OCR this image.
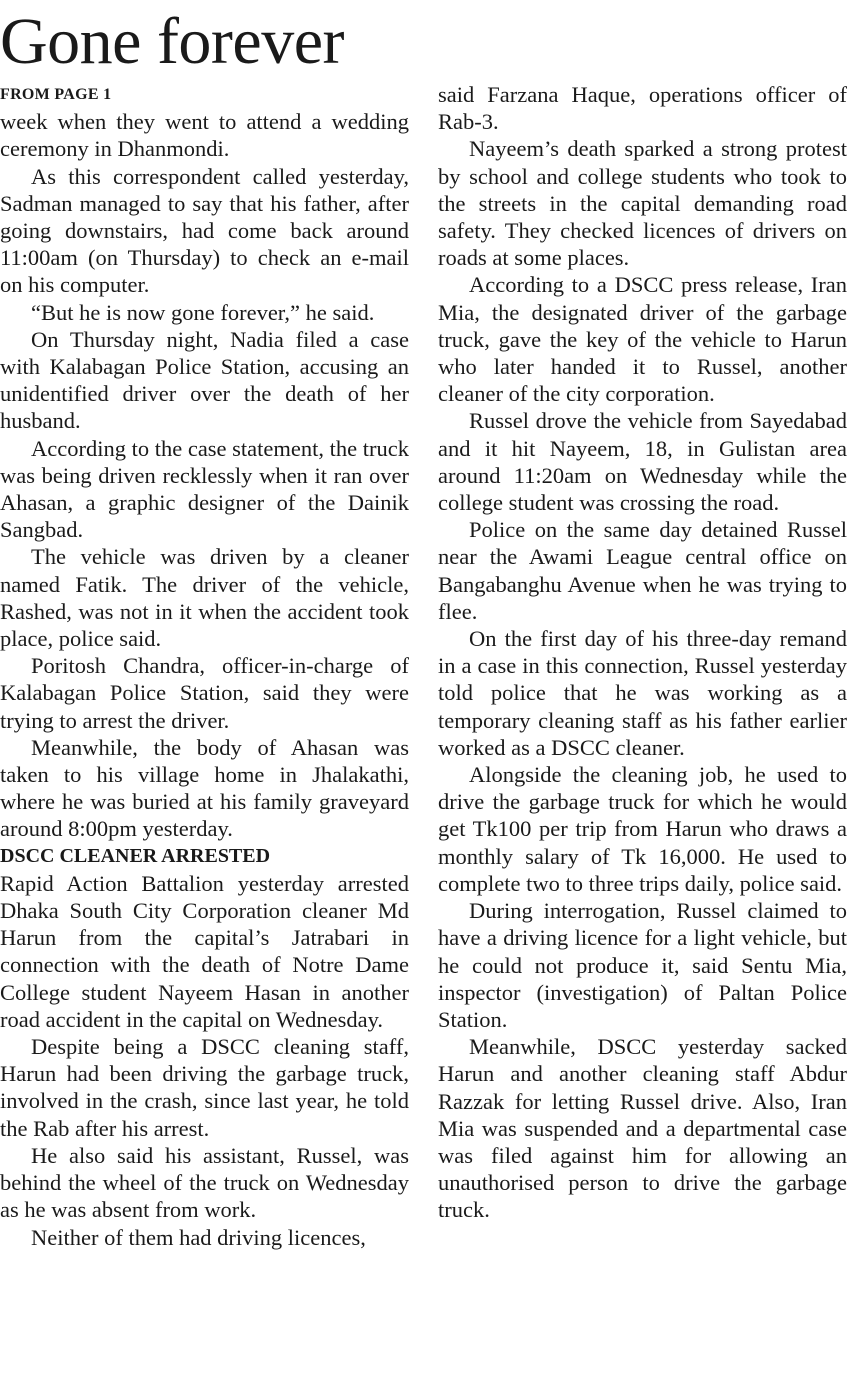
Gone forever
FROM PAGE 1

week when they went to attend a wedding ceremony in Dhanmondi.

As this correspondent called yesterday, Sadman managed to say that his father, after going downstairs, had come back around 11:00am (on Thursday) to check an e-mail on his computer.

“But he is now gone forever,” he said.

On Thursday night, Nadia filed a case with Kalabagan Police Station, accusing an unidentified driver over the death of her husband.

According to the case statement, the truck was being driven recklessly when it ran over Ahasan, a graphic designer of the Dainik Sangbad.

The vehicle was driven by a cleaner named Fatik. The driver of the vehicle, Rashed, was not in it when the accident took place, police said.

Poritosh Chandra, officer-in-charge of Kalabagan Police Station, said they were trying to arrest the driver.

Meanwhile, the body of Ahasan was taken to his village home in Jhalakathi, where he was buried at his family graveyard around 8:00pm yesterday.

DSCC CLEANER ARRESTED

Rapid Action Battalion yesterday arrested Dhaka South City Corporation cleaner Md Harun from the capital’s Jatrabari in connection with the death of Notre Dame College student Nayeem Hasan in another road accident in the capital on Wednesday.

Despite being a DSCC cleaning staff, Harun had been driving the garbage truck, involved in the crash, since last year, he told the Rab after his arrest.

He also said his assistant, Russel, was behind the wheel of the truck on Wednesday as he was absent from work.

Neither of them had driving licences,

said Farzana Haque, operations officer of Rab-3.

Nayeem’s death sparked a strong protest by school and college students who took to the streets in the capital demanding road safety. They checked licences of drivers on roads at some places.

According to a DSCC press release, Iran Mia, the designated driver of the garbage truck, gave the key of the vehicle to Harun who later handed it to Russel, another cleaner of the city corporation.

Russel drove the vehicle from Sayedabad and it hit Nayeem, 18, in Gulistan area around 11:20am on Wednesday while the college student was crossing the road.

Police on the same day detained Russel near the Awami League central office on Bangabanghu Avenue when he was trying to flee.

On the first day of his three-day remand in a case in this connection, Russel yesterday told police that he was working as a temporary cleaning staff as his father earlier worked as a DSCC cleaner.

Alongside the cleaning job, he used to drive the garbage truck for which he would get Tk100 per trip from Harun who draws a monthly salary of Tk 16,000. He used to complete two to three trips daily, police said.

During interrogation, Russel claimed to have a driving licence for a light vehicle, but he could not produce it, said Sentu Mia, inspector (investigation) of Paltan Police Station.

Meanwhile, DSCC yesterday sacked Harun and another cleaning staff Abdur Razzak for letting Russel drive. Also, Iran Mia was suspended and a departmental case was filed against him for allowing an unauthorised person to drive the garbage truck.
